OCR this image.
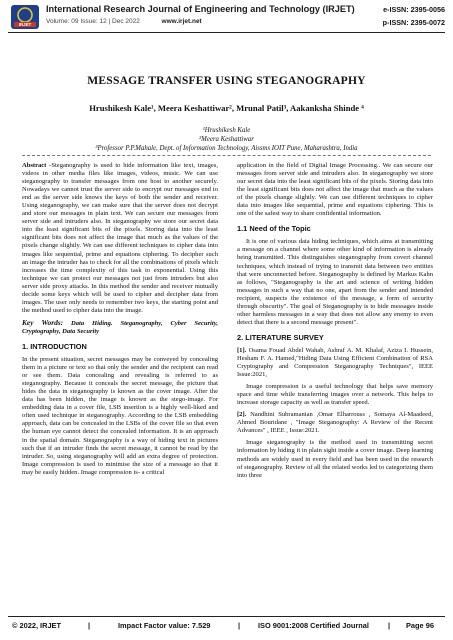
IRJET
International Research Journal of Engineering and Technology (IRJET)
Volume: 09 Issue: 12 | Dec 2022	www.irjet.net
e-ISSN: 2395-0056
p-ISSN: 2395-0072
MESSAGE TRANSFER USING STEGANOGRAPHY
Hrushikesh Kale¹, Meera Keshattiwar², Mrunal Patil³, Aakanksha Shinde ⁴
¹Hrushikesh Kale
²Meera Keshattiwar
³Professor P.P.Mahale, Dept. of Information Technology, Aissms IOIT Pune, Maharashtra, India

Abstract -Steganography is used to hide information like text, images, videos in other media files like images, videos, music. We can use steganography to transfer messages from one host to another securely. Nowadays we cannot trust the server side to encrypt our messages end to end as the server side knows the keys of both the sender and receiver. Using steganography, we can make sure that the server does not decrypt and store our messages in plain text. We can secure our messages from server side and intruders also. In steganography we store our secret data into the least significant bits of the pixels. Storing data into the least significant bits does not affect the image that much as the values of the pixels change slightly. We can use different techniques to cipher data into images like sequential, prime and equations ciphering. To decipher such an image the intruder has to check for all the combinations of pixels which increases the time complexity of this task to exponential. Using this technique we can protect our messages not just from intruders but also server side proxy attacks. In this method the sender and receiver mutually decide some keys which will be used to cipher and decipher data from images. The user only needs to remember two keys, the starting point and the method used to cipher data into the image.

Key Words: Data Hiding. Steganography, Cyber Security, Cryptography, Data Security

1. INTRODUCTION

In the present situation, secret messages may be conveyed by concealing them in a picture or text so that only the sender and the recipient can read or see them. Data concealing and revealing is referred to as steganography. Because it conceals the secret message, the picture that hides the data in steganography is known as the cover image. After the data has been hidden, the image is known as the stego-image. For embedding data in a cover file, LSB insertion is a highly well-liked and often used technique in steganography. According to the LSB embedding approach, data can be concealed in the LSBs of the cover file so that even the human eye cannot detect the concealed information. It is an approach in the spatial domain. Steganography is a way of hiding text in pictures such that if an intruder finds the secret message, it cannot be read by the intruder. So, using steganography will add an extra degree of protection. Image compression is used to minimise the size of a message so that it may be easily hidden. Image compression is- a critical

application in the field of Digital Image Processing.. We can secure our messages from server side and intruders also. In steganography we store our secret data into the least significant bits of the pixels. Storing data into the least significant bits does not affect the image that much as the values of the pixels change slightly. We can use different techniques to cipher data into images like sequential, prime and equations ciphering. This is one of the safest way to share confidential information.

1.1 Need of the Topic

It is one of various data hiding techniques, which aims at transmitting a message on a channel where some other kind of information is already being transmitted. This distinguishes steganography from covert channel techniques, which instead of trying to transmit data between two entities that were unconnected before. Steganography is defined by Markus Kahn as follows, "Steganography is the art and science of writing hidden messages in such a way that no one, apart from the sender and intended recipient, suspects the existence of the message, a form of security through obscurity". The goal of Steganography is to hide messages inside other harmless messages in a way that does not allow any enemy to even detect that there is a second message present".

2. LITERATURE SURVEY

[1]. Osama Fouad Abdel Wahab, Ashraf A. M. Khalaf, Aziza I. Hussein, Hesham F. A. Hamed,"Hiding Data Using Efficient Combination of RSA Cryptography and Compression Steganography Techniques", IEEE Issue:2021,

Image compression is a useful technology that helps save memory space and time while transferring images over a network. This helps to increase storage capacity as well as transfer speed.

[2]. Nandhini Subramanian ,Omar Elharrouss , Somaya Al-Maadeed, Ahmed Bouridane , "Image Steganography: A Review of the Recent Advances" , IEEE , Issue:2021.

Image steganography is the method used in transmitting secret information by hiding it in plain sight inside a cover image. Deep learning methods are widely used in every field and has been used in the research of steganography. Review of all the related works led to categorizing them into three

© 2022, IRJET	|	Impact Factor value: 7.529	| ISO 9001:2008 Certified Journal	| Page 96
